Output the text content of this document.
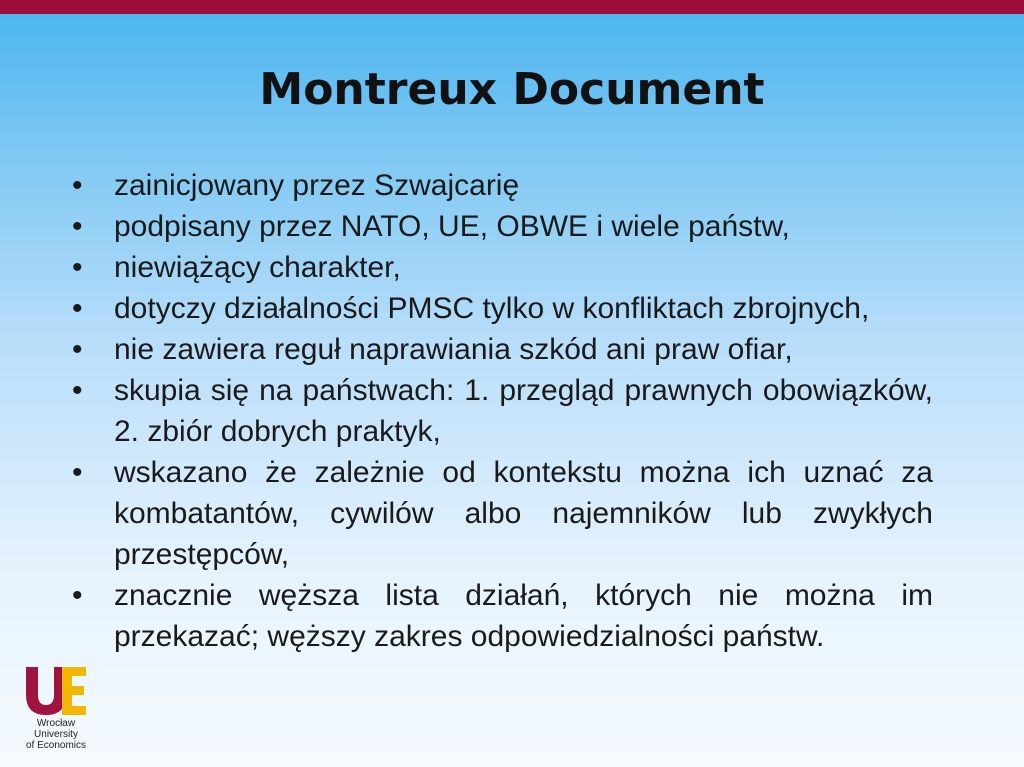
Montreux Document
• zainicjowany przez Szwajcarię
• podpisany przez NATO, UE, OBWE i wiele państw,
• niewiążący charakter,
• dotyczy działalności PMSC tylko w konfliktach zbrojnych,
• nie zawiera reguł naprawiania szkód ani praw ofiar,
• skupia się na państwach: 1. przegląd prawnych obowiązków, 2. zbiór dobrych praktyk,
• wskazano że zależnie od kontekstu można ich uznać za kombatantów, cywilów albo najemników lub zwykłych przestępców,
• znacznie węższa lista działań, których nie można im przekazać; węższy zakres odpowiedzialności państw.
Wrocław
University
of Economics
